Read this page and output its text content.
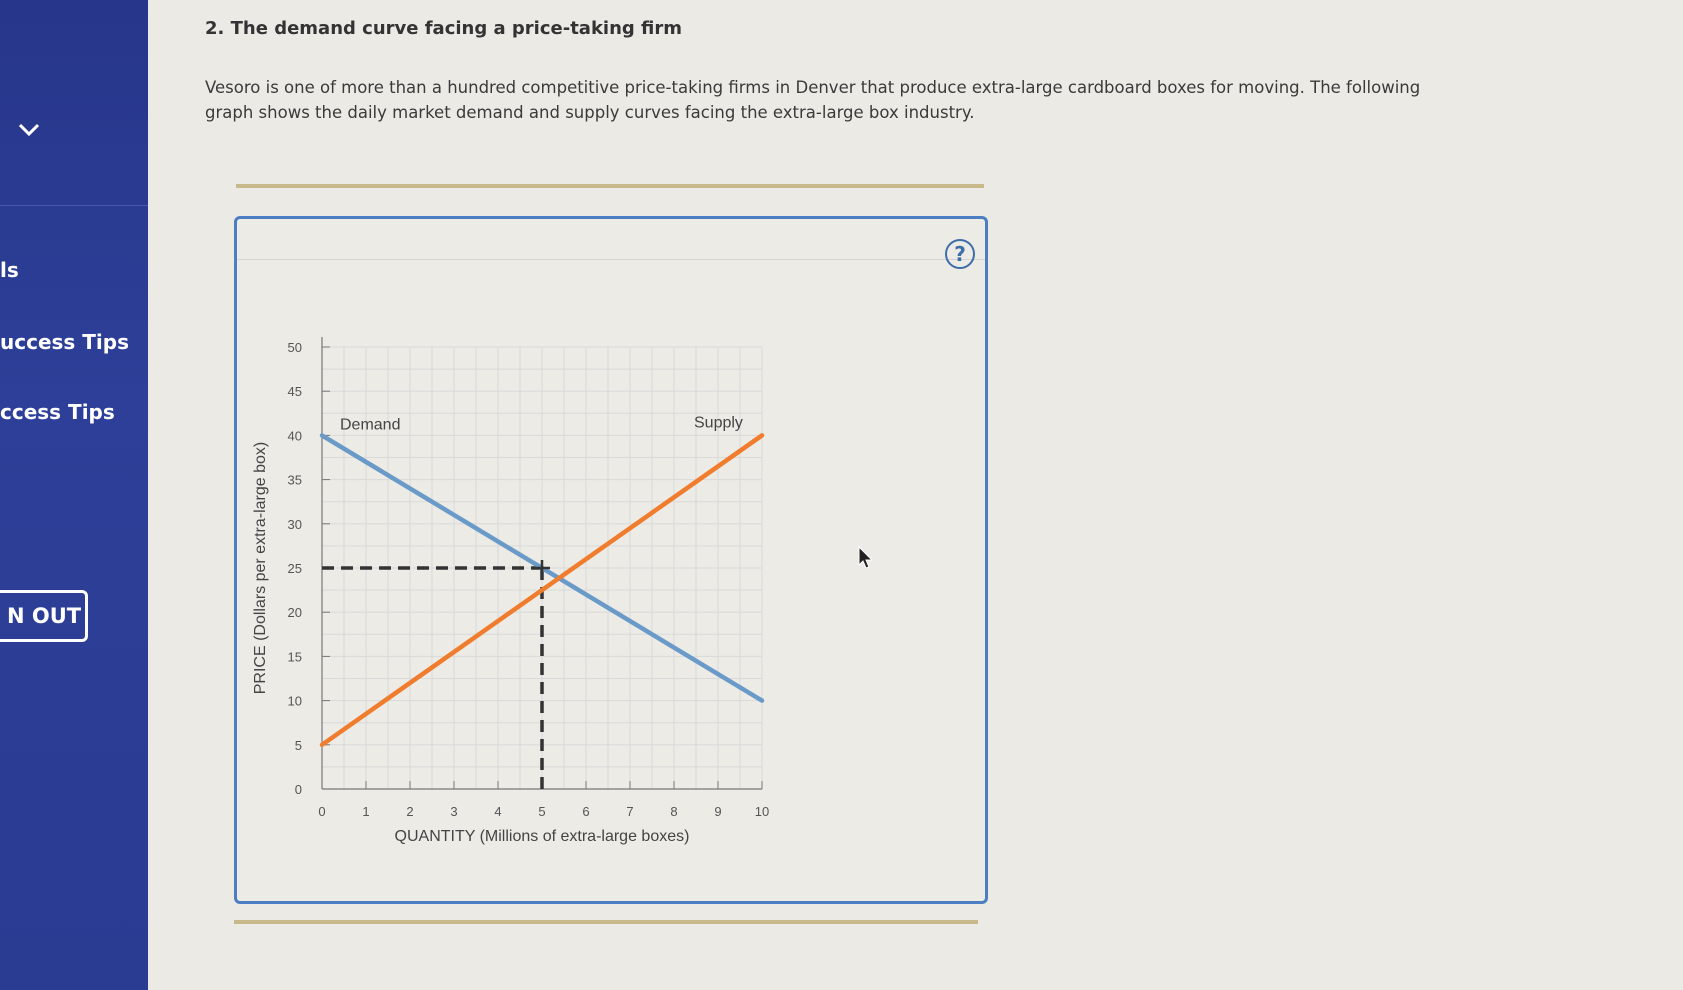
ls
uccess Tips
ccess Tips
N OUT
2. The demand curve facing a price-taking firm
Vesoro is one of more than a hundred competitive price-taking firms in Denver that produce extra-large cardboard boxes for moving. The following graph shows the daily market demand and supply curves facing the extra-large box industry.
?
0
5
10
15
20
25
30
35
40
45
50
0	1	2	3	4	5	6	7	8	9	10
QUANTITY (Millions of extra-large boxes)
PRICE (Dollars per extra-large box)
Demand	Supply
